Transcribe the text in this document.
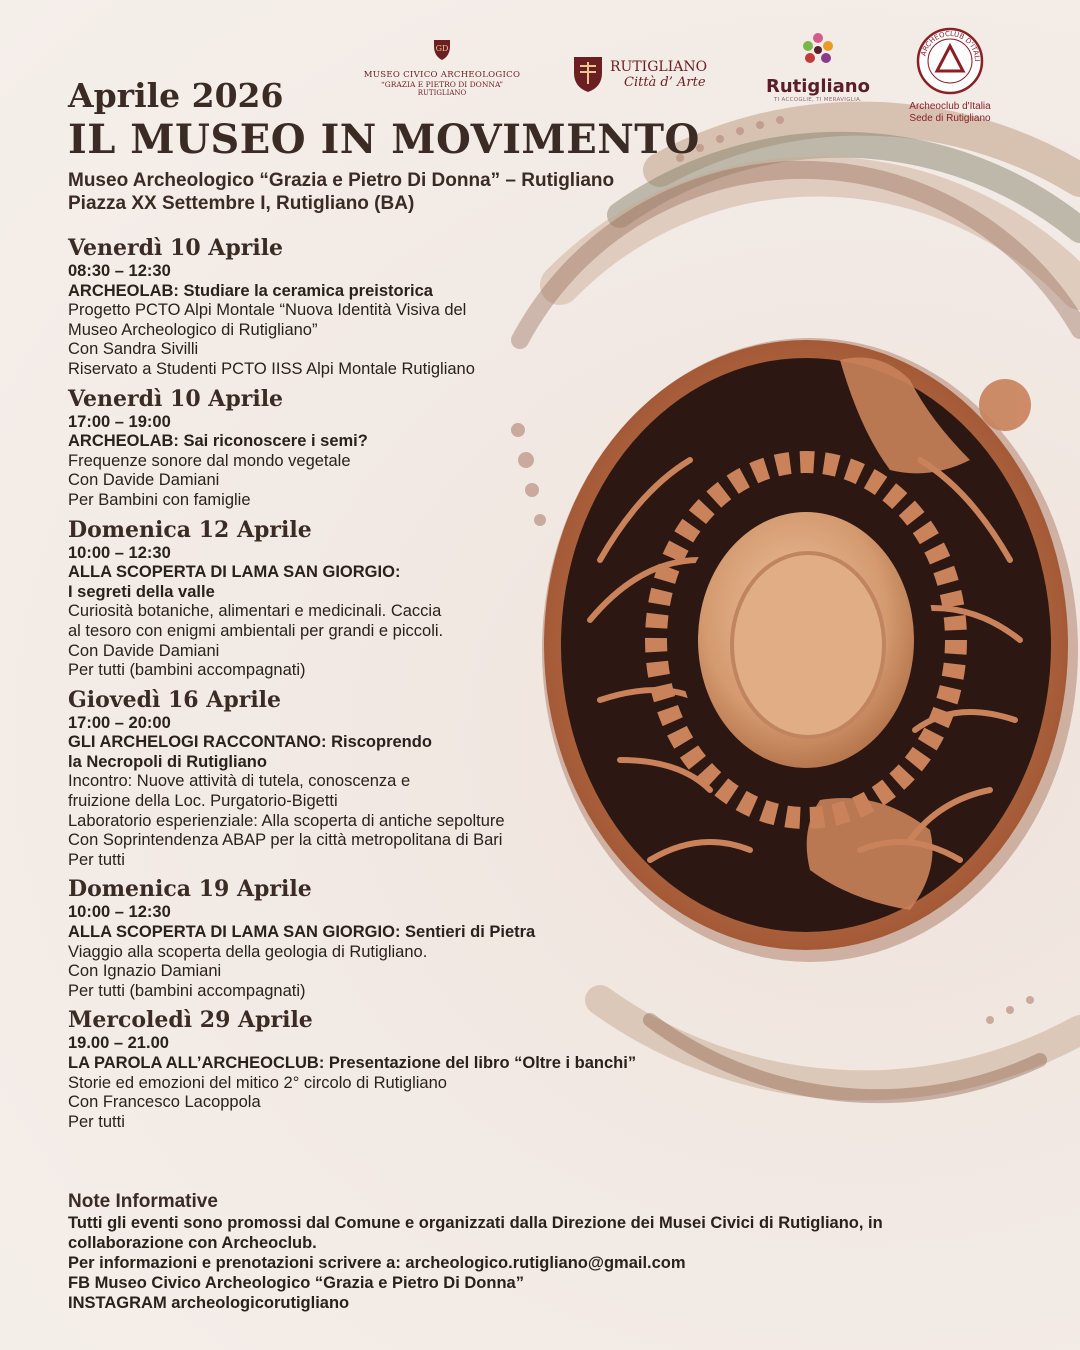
GD
MUSEO CIVICO ARCHEOLOGICO
“GRAZIA E PIETRO DI DONNA”
RUTIGLIANO
RUTIGLIANO
Città d’ Arte	Rutigliano
TI ACCOGLIE, TI MERAVIGLIA.
ARCHEOCLUB D'ITALI
Archeoclub d'Italia
Sede di Rutigliano
Aprile 2026
IL MUSEO IN MOVIMENTO
Museo Archeologico “Grazia e Pietro Di Donna” – Rutigliano
Piazza XX Settembre I, Rutigliano (BA)
Venerdì 10 Aprile
08:30 – 12:30
ARCHEOLAB: Studiare la ceramica preistorica
Progetto PCTO Alpi Montale “Nuova Identità Visiva del
Museo Archeologico di Rutigliano”
Con Sandra Sivilli
Riservato a Studenti PCTO IISS Alpi Montale Rutigliano
Venerdì 10 Aprile
17:00 – 19:00
ARCHEOLAB: Sai riconoscere i semi?
Frequenze sonore dal mondo vegetale
Con Davide Damiani
Per Bambini con famiglie
Domenica 12 Aprile
10:00 – 12:30
ALLA SCOPERTA DI LAMA SAN GIORGIO:
I segreti della valle
Curiosità botaniche, alimentari e medicinali. Caccia
al tesoro con enigmi ambientali per grandi e piccoli.
Con Davide Damiani
Per tutti (bambini accompagnati)
Giovedì 16 Aprile
17:00 – 20:00
GLI ARCHELOGI RACCONTANO: Riscoprendo
la Necropoli di Rutigliano
Incontro: Nuove attività di tutela, conoscenza e
fruizione della Loc. Purgatorio-Bigetti
Laboratorio esperienziale: Alla scoperta di antiche sepolture
Con Soprintendenza ABAP per la città metropolitana di Bari
Per tutti
Domenica 19 Aprile
10:00 – 12:30
ALLA SCOPERTA DI LAMA SAN GIORGIO: Sentieri di Pietra
Viaggio alla scoperta della geologia di Rutigliano.
Con Ignazio Damiani
Per tutti (bambini accompagnati)
Mercoledì 29 Aprile
19.00 – 21.00
LA PAROLA ALL’ARCHEOCLUB: Presentazione del libro “Oltre i banchi”
Storie ed emozioni del mitico 2° circolo di Rutigliano
Con Francesco Lacoppola
Per tutti
Note Informative
Tutti gli eventi sono promossi dal Comune e organizzati dalla Direzione dei Musei Civici di Rutigliano, in
collaborazione con Archeoclub.
Per informazioni e prenotazioni scrivere a: archeologico.rutigliano@gmail.com
FB Museo Civico Archeologico “Grazia e Pietro Di Donna”
INSTAGRAM archeologicorutigliano
